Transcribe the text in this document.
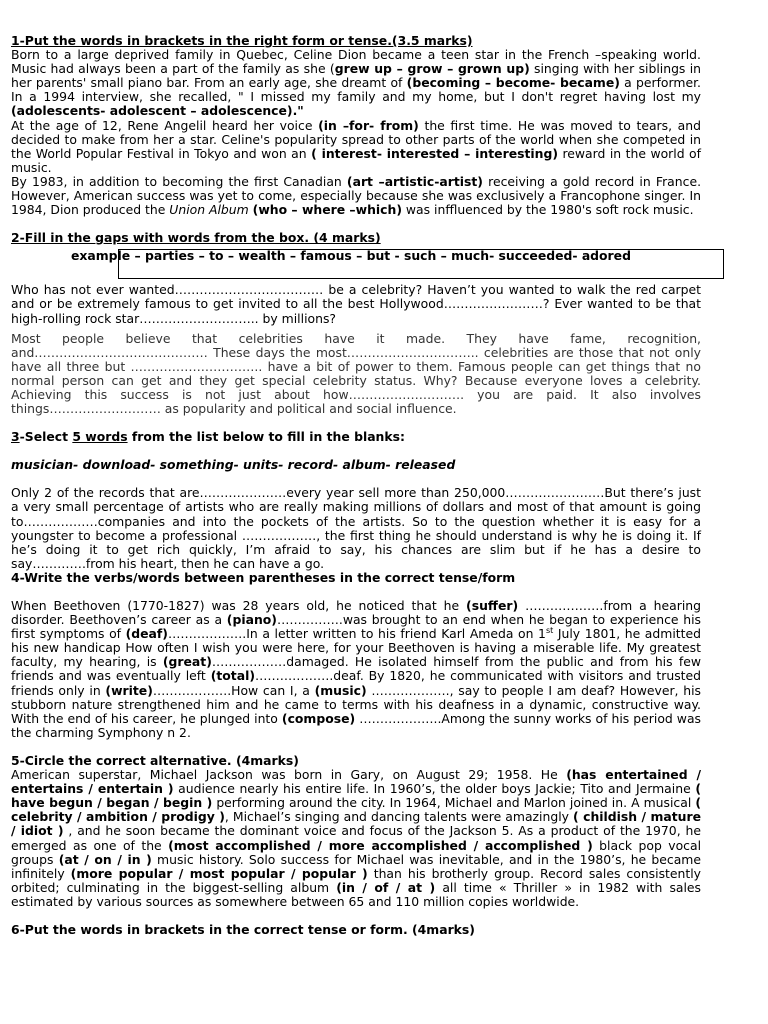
1-Put the words in brackets in the right form or tense.(3.5 marks)

Born to a large deprived family in Quebec, Celine Dion became a teen star in the French –speaking world. Music had always been a part of the family as she (grew up – grow – grown up) singing with her siblings in her parents' small piano bar. From an early age, she dreamt of (becoming – become- became) a performer. In a 1994 interview, she recalled, " I missed my family and my home, but I don't regret having lost my (adolescents- adolescent – adolescence)."

At the age of 12, Rene Angelil heard her voice (in –for- from) the first time. He was moved to tears, and decided to make from her a star. Celine's popularity spread to other parts of the world when she competed in the World Popular Festival in Tokyo and won an ( interest- interested – interesting) reward in the world of music.

By 1983, in addition to becoming the first Canadian (art –artistic-artist) receiving a gold record in France. However, American success was yet to come, especially because she was exclusively a Francophone singer. In 1984, Dion produced the Union Album (who – where –which) was inffluenced by the 1980's soft rock music.

2-Fill in the gaps with words from the box. (4 marks)

example – parties – to – wealth – famous – but - such – much- succeeded- adored

Who has not ever wanted……………………………… be a celebrity? Haven’t you wanted to walk the red carpet and or be extremely famous to get invited to all the best Hollywood……………………? Ever wanted to be that high-rolling rock star……………………….. by millions?

Most people believe that celebrities have it made. They have fame, recognition, and…………………………………… These days the most………………………….. celebrities are those that not only have all three but ………………………….. have a bit of power to them. Famous people can get things that no normal person can get and they get special celebrity status. Why? Because everyone loves a celebrity. Achieving this success is not just about how………………………. you are paid. It also involves things……………………… as popularity and political and social influence.

3-Select 5 words from the list below to fill in the blanks:

musician- download- something- units- record- album- released

Only 2 of the records that are…………………every year sell more than 250,000……………………But there’s just a very small percentage of artists who are really making millions of dollars and most of that amount is going to………………companies and into the pockets of the artists. So to the question whether it is easy for a youngster to become a professional ………………, the first thing he should understand is why he is doing it. If he’s doing it to get rich quickly, I’m afraid to say, his chances are slim but if he has a desire to say………….from his heart, then he can have a go.

4-Write the verbs/words between parentheses in the correct tense/form

When Beethoven (1770-1827) was 28 years old, he noticed that he (suffer) ……………….from a hearing disorder. Beethoven’s career as a (piano)…………….was brought to an end when he began to experience his first symptoms of (deaf)……………….In a letter written to his friend Karl Ameda on 1st July 1801, he admitted his new handicap How often I wish you were here, for your Beethoven is having a miserable life. My greatest faculty, my hearing, is (great)………………damaged. He isolated himself from the public and from his few friends and was eventually left (total)……………….deaf. By 1820, he communicated with visitors and trusted friends only in (write)……………….How can I, a (music) ………………., say to people I am deaf? However, his stubborn nature strengthened him and he came to terms with his deafness in a dynamic, constructive way. With the end of his career, he plunged into (compose) ………………..Among the sunny works of his period was the charming Symphony n 2.

5-Circle the correct alternative. (4marks)

American superstar, Michael Jackson was born in Gary, on August 29; 1958. He (has entertained / entertains / entertain ) audience nearly his entire life. In 1960’s, the older boys Jackie; Tito and Jermaine ( have begun / began / begin ) performing around the city. In 1964, Michael and Marlon joined in. A musical ( celebrity / ambition / prodigy ), Michael’s singing and dancing talents were amazingly ( childish / mature / idiot ) , and he soon became the dominant voice and focus of the Jackson 5. As a product of the 1970, he emerged as one of the (most accomplished / more accomplished / accomplished ) black pop vocal groups (at / on / in ) music history. Solo success for Michael was inevitable, and in the 1980’s, he became infinitely (more popular / most popular / popular ) than his brotherly group. Record sales consistently orbited; culminating in the biggest-selling album (in / of / at ) all time « Thriller » in 1982 with sales estimated by various sources as somewhere between 65 and 110 million copies worldwide.

6-Put the words in brackets in the correct tense or form. (4marks)
